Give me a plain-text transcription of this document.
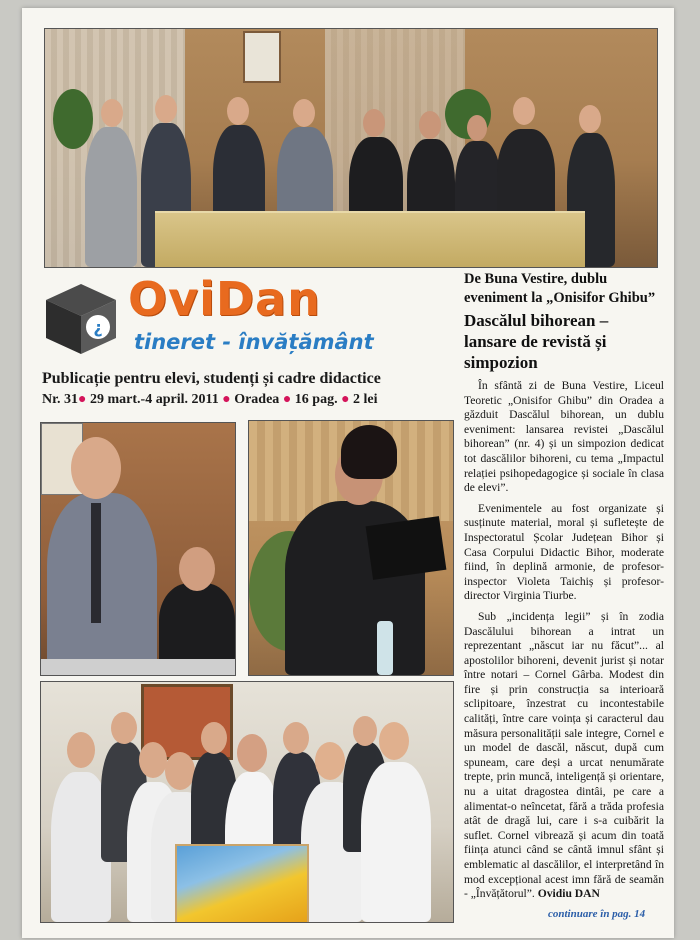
¿
OviDan
tineret - învățământ
Publicație pentru elevi, studenți și cadre didactice
Nr. 31● 29 mart.-4 april. 2011 ● Oradea ● 16 pag. ● 2 lei

De Buna Vestire, dublu eveniment la „Onisifor Ghibu”

Dascălul bihorean – lansare de revistă și simpozion

În sfântă zi de Buna Vestire, Liceul Teoretic „Onisifor Ghibu” din Oradea a găzduit Dascălul bihorean, un dublu eveniment: lansarea revistei „Dascălul bihorean” (nr. 4) și un simpozion dedicat tot dascălilor bihoreni, cu tema „Impactul relației psihopedagogice și sociale în clasa de elevi”.

Evenimentele au fost organizate și susținute material, moral și sufletește de Inspectoratul Școlar Județean Bihor și Casa Corpului Didactic Bihor, moderate fiind, în deplină armonie, de profesor-inspector Violeta Taichiș și profesor-director Virginia Tiurbe.

Sub „incidența legii” și în zodia Dascălului bihorean a intrat un reprezentant „născut iar nu făcut”... al apostolilor bihoreni, devenit jurist și notar între notari – Cornel Gârba. Modest din fire și prin construcția sa interioară sclipitoare, înzestrat cu incontestabile calități, între care voința și caracterul dau măsura personalității sale integre, Cornel e un model de dascăl, născut, după cum spuneam, care deși a urcat nenumărate trepte, prin muncă, inteligență și orientare, nu a uitat dragostea dintâi, pe care a alimentat-o neîncetat, fără a trăda profesia atât de dragă lui, care i s-a cuibărit la suflet. Cornel vibrează și acum din toată ființa atunci când se cântă imnul sfânt și emblematic al dascălilor, el interpretând în mod excepțional acest imn fără de seamăn - „Învățătorul”. Ovidiu DAN

continuare în pag. 14
